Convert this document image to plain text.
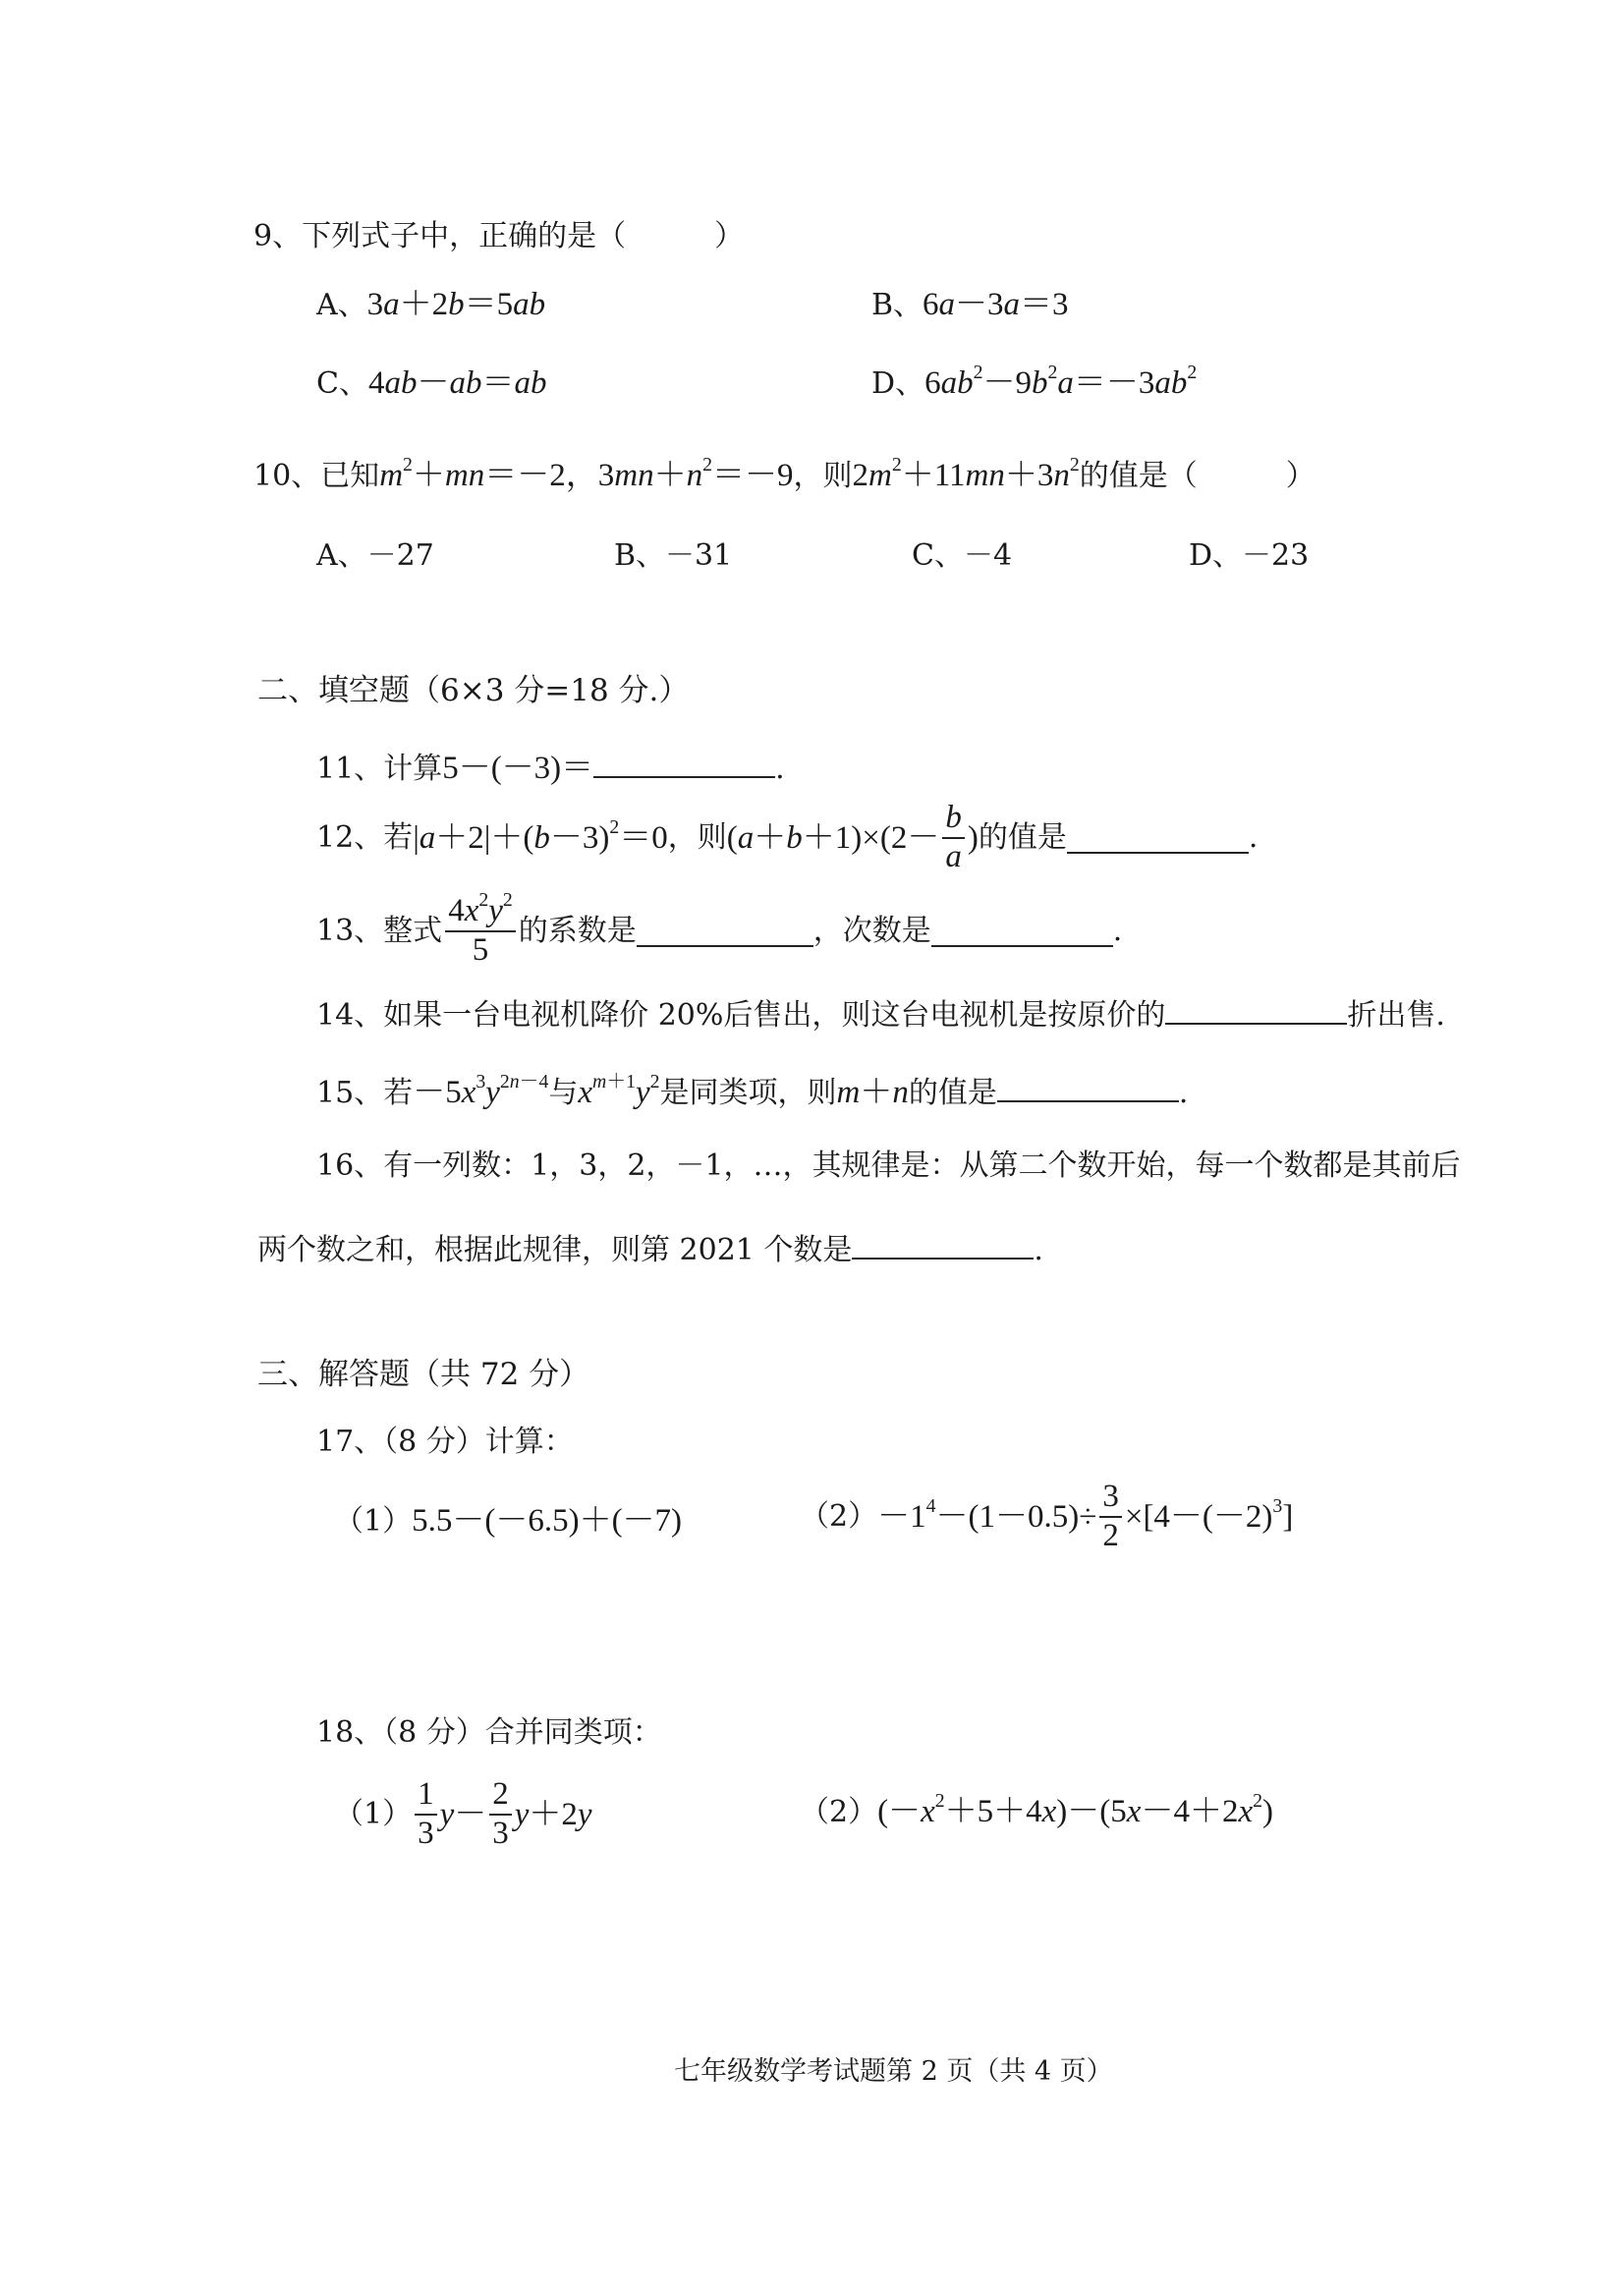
9、下列式子中，正确的是（　　　）
A、3a＋2b＝5ab	B、6a－3a＝3
C、4ab－ab＝ab	D、$6ab^2-9b^2a=-3ab^2$
10、已知$m^2+mn=-2$，$3mn+n^2=-9$，则$2m^2+11mn+3n^2$的值是（　　　）
A、－27	B、－31	C、－4	D、－23
二、填空题（6×3 分=18 分.）
11、计算5－(－3)＝	.
12、若 $|a+2|+(b-3)^2=0$ ，则 $(a+b+1)\times(2- \frac{b}{a}$ ) 的值是	.
13、整式 $\frac{4x^2y^2}{5}$ 的系数是	，次数是	.
14、如果一台电视机降价 20%后售出，则这台电视机是按原价的	折出售.
15、若$-5x^3y^{2n-4}$与$x^{m+1}y^2$是同类项，则m＋n的值是	.
16、有一列数：1，3，2，－1，…，其规律是：从第二个数开始，每一个数都是其前后
两个数之和，根据此规律，则第 2021 个数是	.
三、解答题（共 72 分）
17、（8 分）计算：
（1）5.5－(－6.5)＋(－7)	$(2) -1^4-(1-0.5)\div \frac{3}{2} \times[4-(-2)^3]$
18、（8 分）合并同类项：
$(1) \frac{1}{3} y- \frac{2}{3} y+2y$	$(2)(-x^2+5+4x)-(5x-4+2x^2)$
七年级数学考试题第 2 页（共 4 页）
